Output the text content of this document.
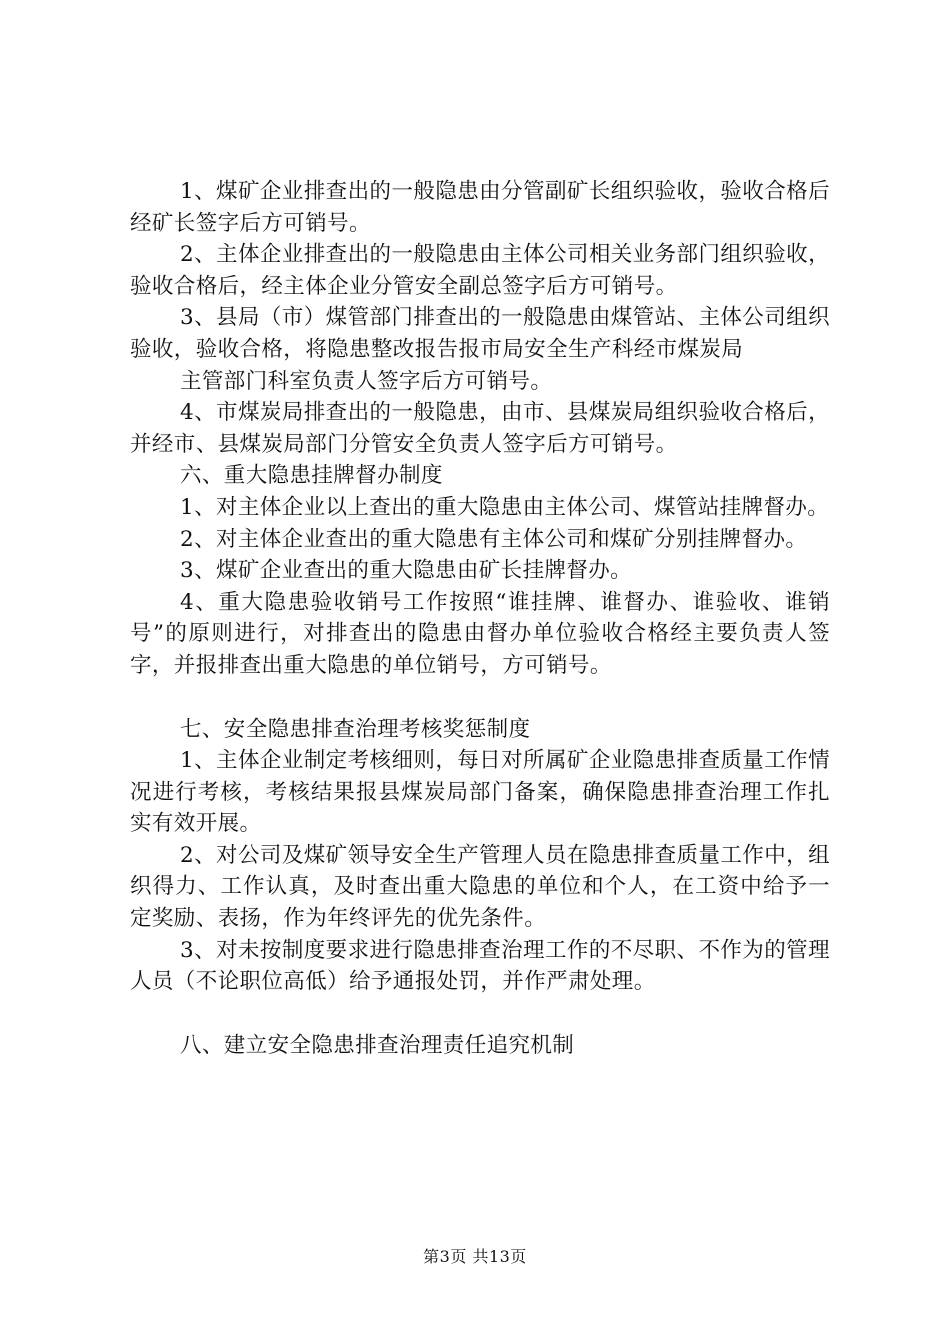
1、煤矿企业排查出的一般隐患由分管副矿长组织验收，验收合格后经矿长签字后方可销号。

2、主体企业排查出的一般隐患由主体公司相关业务部门组织验收，验收合格后，经主体企业分管安全副总签字后方可销号。

3、县局（市）煤管部门排查出的一般隐患由煤管站、主体公司组织验收，验收合格，将隐患整改报告报市局安全生产科经市煤炭局

主管部门科室负责人签字后方可销号。

4、市煤炭局排查出的一般隐患，由市、县煤炭局组织验收合格后，并经市、县煤炭局部门分管安全负责人签字后方可销号。

六、重大隐患挂牌督办制度

1、对主体企业以上查出的重大隐患由主体公司、煤管站挂牌督办。

2、对主体企业查出的重大隐患有主体公司和煤矿分别挂牌督办。

3、煤矿企业查出的重大隐患由矿长挂牌督办。

4、重大隐患验收销号工作按照“谁挂牌、谁督办、谁验收、谁销号”的原则进行，对排查出的隐患由督办单位验收合格经主要负责人签字，并报排查出重大隐患的单位销号，方可销号。

七、安全隐患排查治理考核奖惩制度

1、主体企业制定考核细则，每日对所属矿企业隐患排查质量工作情况进行考核，考核结果报县煤炭局部门备案，确保隐患排查治理工作扎实有效开展。

2、对公司及煤矿领导安全生产管理人员在隐患排查质量工作中，组织得力、工作认真，及时查出重大隐患的单位和个人，在工资中给予一定奖励、表扬，作为年终评先的优先条件。

3、对未按制度要求进行隐患排查治理工作的不尽职、不作为的管理人员（不论职位高低）给予通报处罚，并作严肃处理。

八、建立安全隐患排查治理责任追究机制

第3页 共13页
